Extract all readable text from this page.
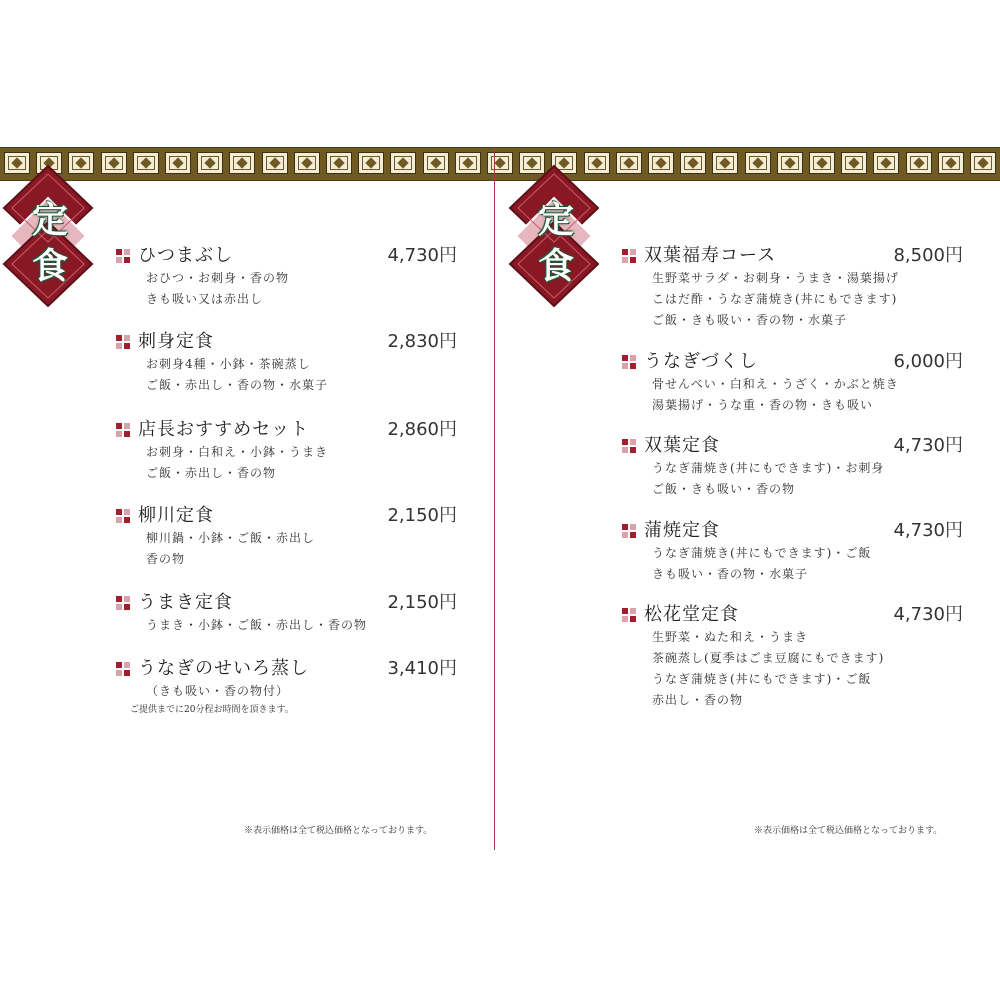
定
食	ひつまぶし	4,730円
おひつ・お刺身・香の物
きも吸い又は赤出し
刺身定食	2,830円
お刺身4種・小鉢・茶碗蒸し
ご飯・赤出し・香の物・水菓子
店長おすすめセット	2,860円
お刺身・白和え・小鉢・うまき
ご飯・赤出し・香の物
柳川定食	2,150円
柳川鍋・小鉢・ご飯・赤出し
香の物
うまき定食	2,150円
うまき・小鉢・ご飯・赤出し・香の物
うなぎのせいろ蒸し	3,410円
（きも吸い・香の物付）
ご提供までに20分程お時間を頂きます。
※表示価格は全て税込価格となっております。
定
食	双葉福寿コース	8,500円
生野菜サラダ・お刺身・うまき・湯葉揚げ
こはだ酢・うなぎ蒲焼き(丼にもできます)
ご飯・きも吸い・香の物・水菓子
うなぎづくし	6,000円
骨せんべい・白和え・うざく・かぶと焼き
湯葉揚げ・うな重・香の物・きも吸い
双葉定食	4,730円
うなぎ蒲焼き(丼にもできます)・お刺身
ご飯・きも吸い・香の物
蒲焼定食	4,730円
うなぎ蒲焼き(丼にもできます)・ご飯
きも吸い・香の物・水菓子
松花堂定食	4,730円
生野菜・ぬた和え・うまき
茶碗蒸し(夏季はごま豆腐にもできます)
うなぎ蒲焼き(丼にもできます)・ご飯
赤出し・香の物
※表示価格は全て税込価格となっております。
